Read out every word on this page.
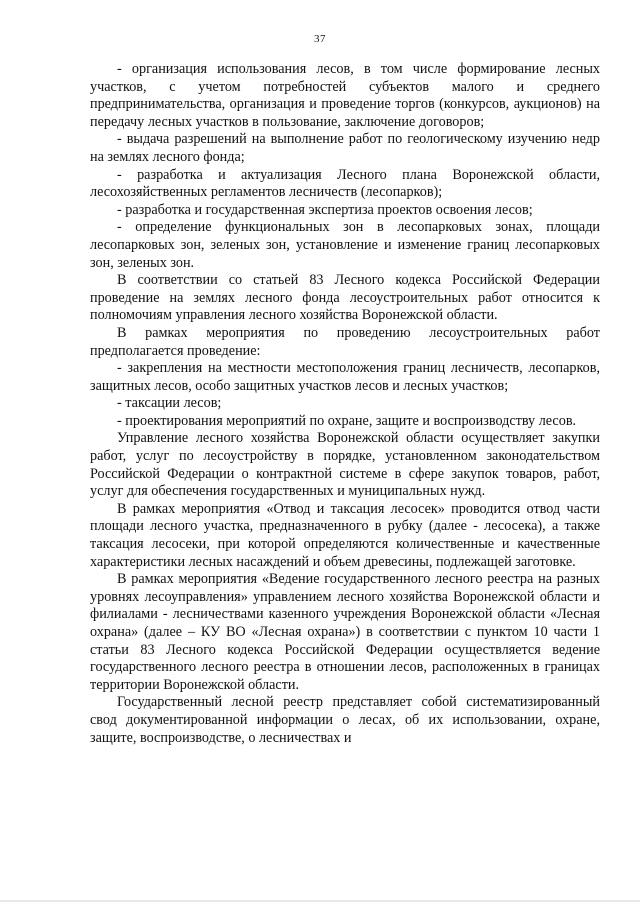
37

- организация использования лесов, в том числе формирование лесных участков, с учетом потребностей субъектов малого и среднего предпринимательства, организация и проведение торгов (конкурсов, аукционов) на передачу лесных участков в пользование, заключение договоров;

- выдача разрешений на выполнение работ по геологическому изучению недр на землях лесного фонда;

- разработка и актуализация Лесного плана Воронежской области, лесохозяйственных регламентов лесничеств (лесопарков);

- разработка и государственная экспертиза проектов освоения лесов;

- определение функциональных зон в лесопарковых зонах, площади лесопарковых зон, зеленых зон, установление и изменение границ лесопарковых зон, зеленых зон.

В соответствии со статьей 83 Лесного кодекса Российской Федерации проведение на землях лесного фонда лесоустроительных работ относится к полномочиям управления лесного хозяйства Воронежской области.

В рамках мероприятия по проведению лесоустроительных работ предполагается проведение:

- закрепления на местности местоположения границ лесничеств, лесопарков, защитных лесов, особо защитных участков лесов и лесных участков;

- таксации лесов;

- проектирования мероприятий по охране, защите и воспроизводству лесов.

Управление лесного хозяйства Воронежской области осуществляет закупки работ, услуг по лесоустройству в порядке, установленном законодательством Российской Федерации о контрактной системе в сфере закупок товаров, работ, услуг для обеспечения государственных и муниципальных нужд.

В рамках мероприятия «Отвод и таксация лесосек» проводится отвод части площади лесного участка, предназначенного в рубку (далее - лесосека), а также таксация лесосеки, при которой определяются количественные и качественные характеристики лесных насаждений и объем древесины, подлежащей заготовке.

В рамках мероприятия «Ведение государственного лесного реестра на разных уровнях лесоуправления» управлением лесного хозяйства Воронежской области и филиалами - лесничествами казенного учреждения Воронежской области «Лесная охрана» (далее – КУ ВО «Лесная охрана») в соответствии с пунктом 10 части 1 статьи 83 Лесного кодекса Российской Федерации осуществляется ведение государственного лесного реестра в отношении лесов, расположенных в границах территории Воронежской области.

Государственный лесной реестр представляет собой систематизированный свод документированной информации о лесах, об их использовании, охране, защите, воспроизводстве, о лесничествах и
